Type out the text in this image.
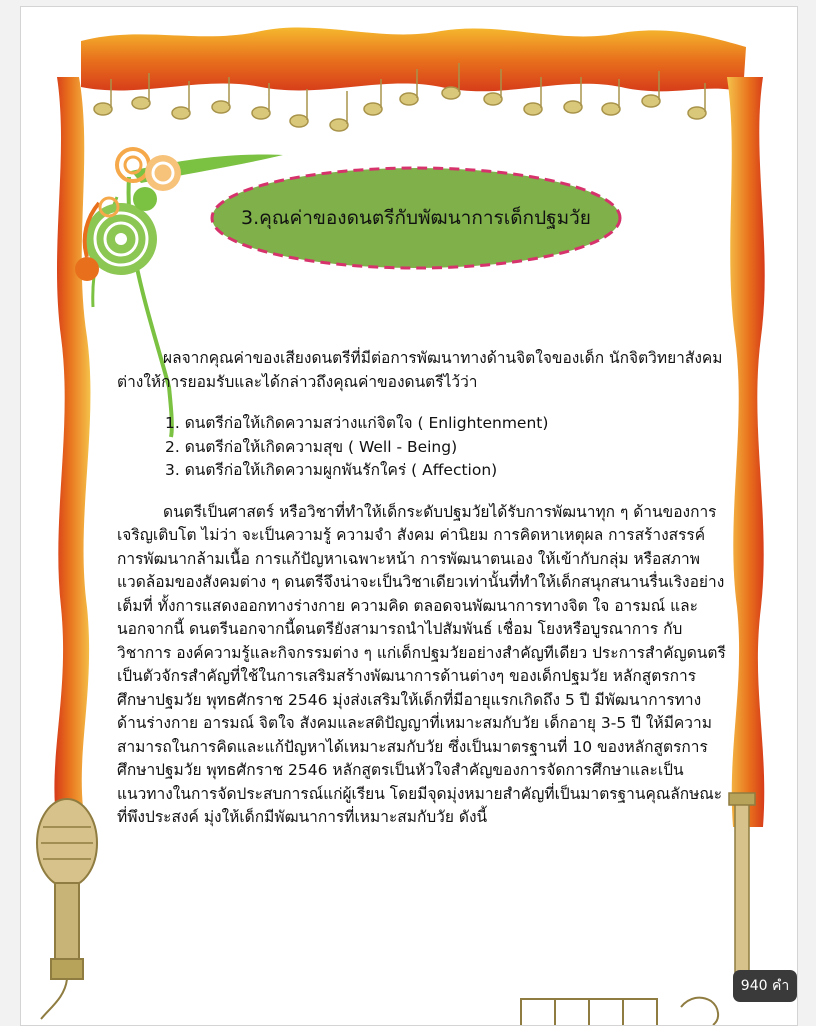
3.คุณค่าของดนตรีกับพัฒนาการเด็กปฐมวัย

ผลจากคุณค่าของเสียงดนตรีที่มีต่อการพัฒนาทางด้านจิตใจของเด็ก นักจิตวิทยาสังคมต่างให้การยอมรับและได้กล่าวถึงคุณค่าของดนตรีไว้ว่า

1. ดนตรีก่อให้เกิดความสว่างแก่จิตใจ ( Enlightenment)
2. ดนตรีก่อให้เกิดความสุข ( Well - Being)
3. ดนตรีก่อให้เกิดความผูกพันรักใคร่ ( Affection)

ดนตรีเป็นศาสตร์ หรือวิชาที่ทำให้เด็กระดับปฐมวัยได้รับการพัฒนาทุก ๆ ด้านของการเจริญเติบโต ไม่ว่า จะเป็นความรู้ ความจำ สังคม ค่านิยม การคิดหาเหตุผล การสร้างสรรค์ การพัฒนากล้ามเนื้อ การแก้ปัญหาเฉพาะหน้า การพัฒนาตนเอง ให้เข้ากับกลุ่ม หรือสภาพแวดล้อมของสังคมต่าง ๆ ดนตรีจึงน่าจะเป็นวิชาเดียวเท่านั้นที่ทำให้เด็กสนุกสนานรื่นเริงอย่างเต็มที่ ทั้งการแสดงออกทางร่างกาย ความคิด ตลอดจนพัฒนาการทางจิต ใจ อารมณ์ และนอกจากนี้ ดนตรีนอกจากนี้ดนตรียังสามารถนำไปสัมพันธ์ เชื่อม โยงหรือบูรณาการ กับวิชาการ องค์ความรู้และกิจกรรมต่าง ๆ แก่เด็กปฐมวัยอย่างสำคัญทีเดียว ประการสำคัญดนตรีเป็นตัวจักรสำคัญที่ใช้ในการเสริมสร้างพัฒนาการด้านต่างๆ ของเด็กปฐมวัย หลักสูตรการศึกษาปฐมวัย พุทธศักราช 2546 มุ่งส่งเสริมให้เด็กที่มีอายุแรกเกิดถึง 5 ปี มีพัฒนาการทางด้านร่างกาย อารมณ์ จิตใจ สังคมและสติปัญญาที่เหมาะสมกับวัย เด็กอายุ 3-5 ปี ให้มีความสามารถในการคิดและแก้ปัญหาได้เหมาะสมกับวัย ซึ่งเป็นมาตรฐานที่ 10 ของหลักสูตรการศึกษาปฐมวัย พุทธศักราช 2546 หลักสูตรเป็นหัวใจสำคัญของการจัดการศึกษาและเป็นแนวทางในการจัดประสบการณ์แก่ผู้เรียน โดยมีจุดมุ่งหมายสำคัญที่เป็นมาตรฐานคุณลักษณะที่พึงประสงค์ มุ่งให้เด็กมีพัฒนาการที่เหมาะสมกับวัย ดังนี้

940 คำ
